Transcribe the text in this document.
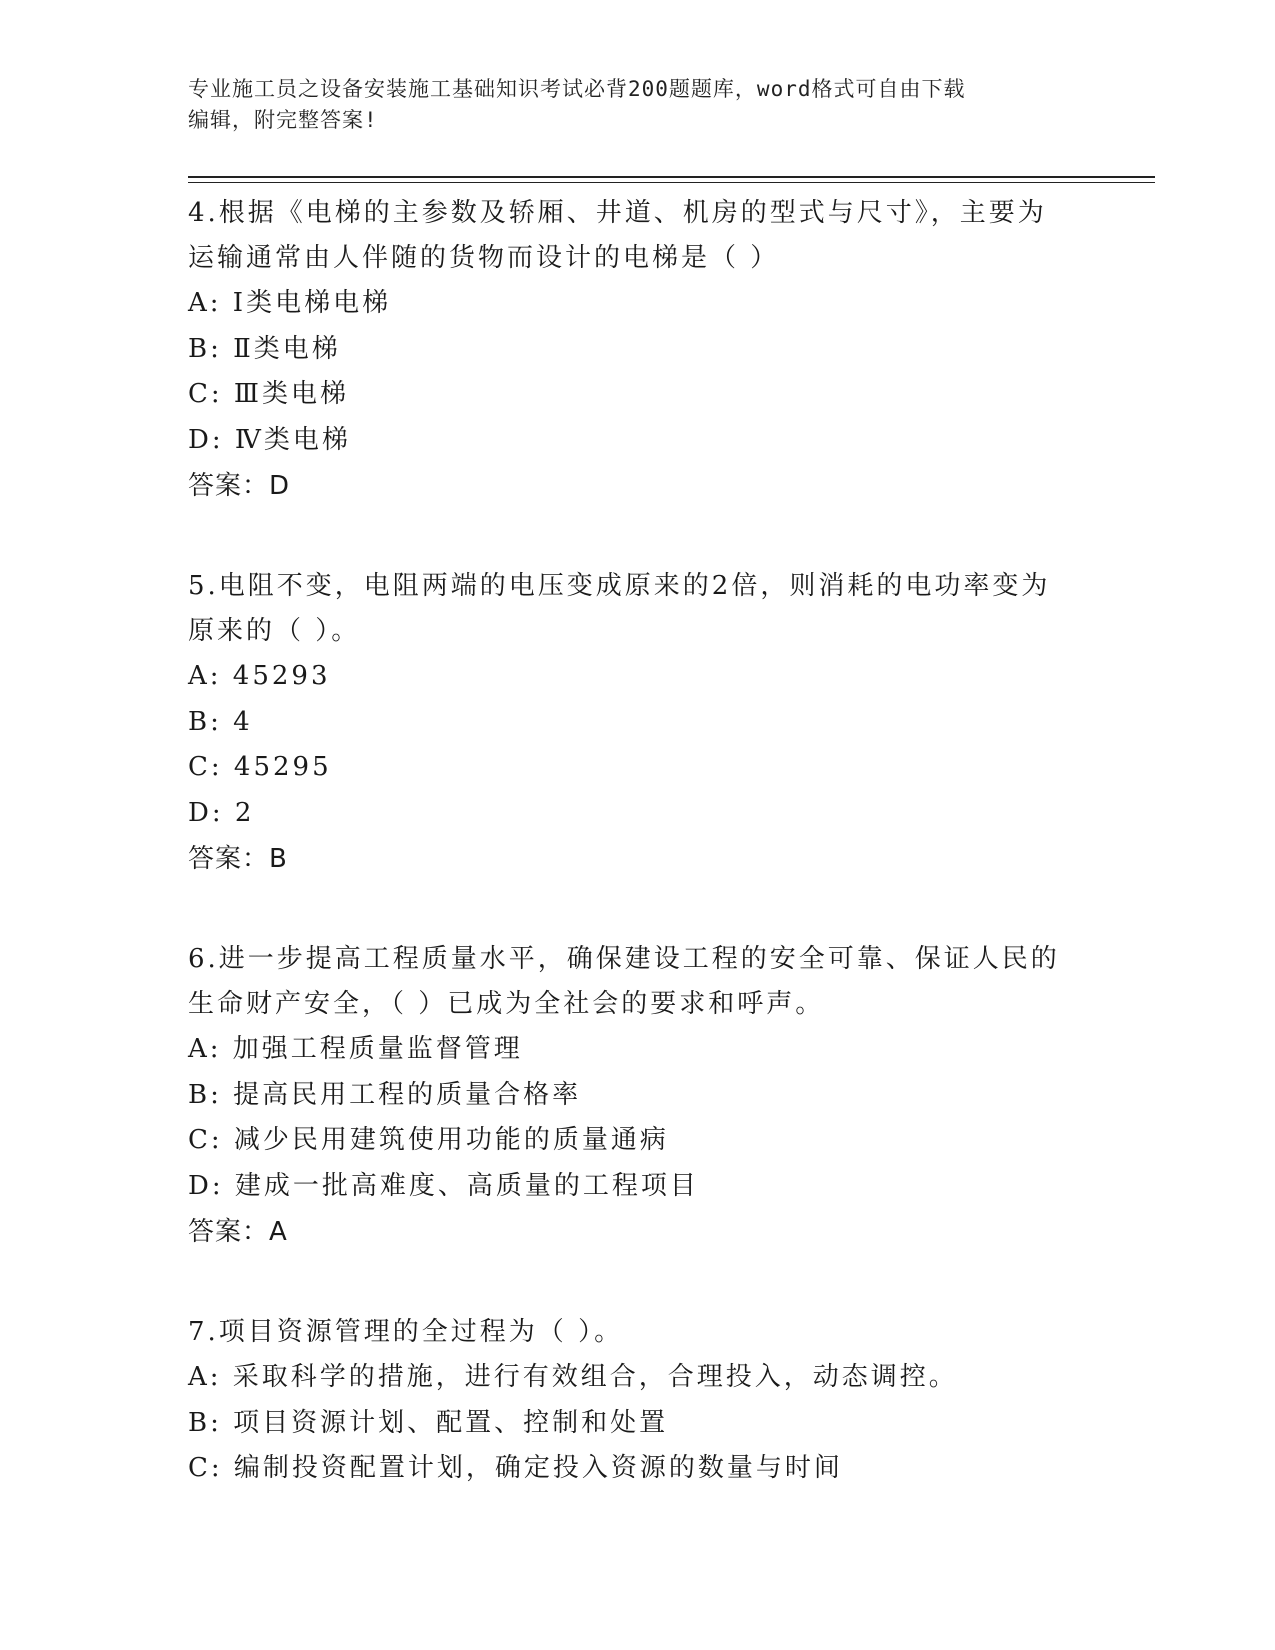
专业施工员之设备安装施工基础知识考试必背200题题库，word格式可自由下载
编辑，附完整答案!
4.根据《电梯的主参数及轿厢、井道、机房的型式与尺寸》，主要为
运输通常由人伴随的货物而设计的电梯是（ ）
A: Ⅰ类电梯电梯
B: Ⅱ类电梯
C: Ⅲ类电梯
D: Ⅳ类电梯
答案：D
5.电阻不变，电阻两端的电压变成原来的2倍，则消耗的电功率变为
原来的（ ）。
A: 45293
B: 4
C: 45295
D: 2
答案：B
6.进一步提高工程质量水平，确保建设工程的安全可靠、保证人民的
生命财产安全，（ ）已成为全社会的要求和呼声。
A: 加强工程质量监督管理
B: 提高民用工程的质量合格率
C: 减少民用建筑使用功能的质量通病
D: 建成一批高难度、高质量的工程项目
答案：A
7.项目资源管理的全过程为（ ）。
A: 采取科学的措施，进行有效组合，合理投入，动态调控。
B: 项目资源计划、配置、控制和处置
C: 编制投资配置计划，确定投入资源的数量与时间
